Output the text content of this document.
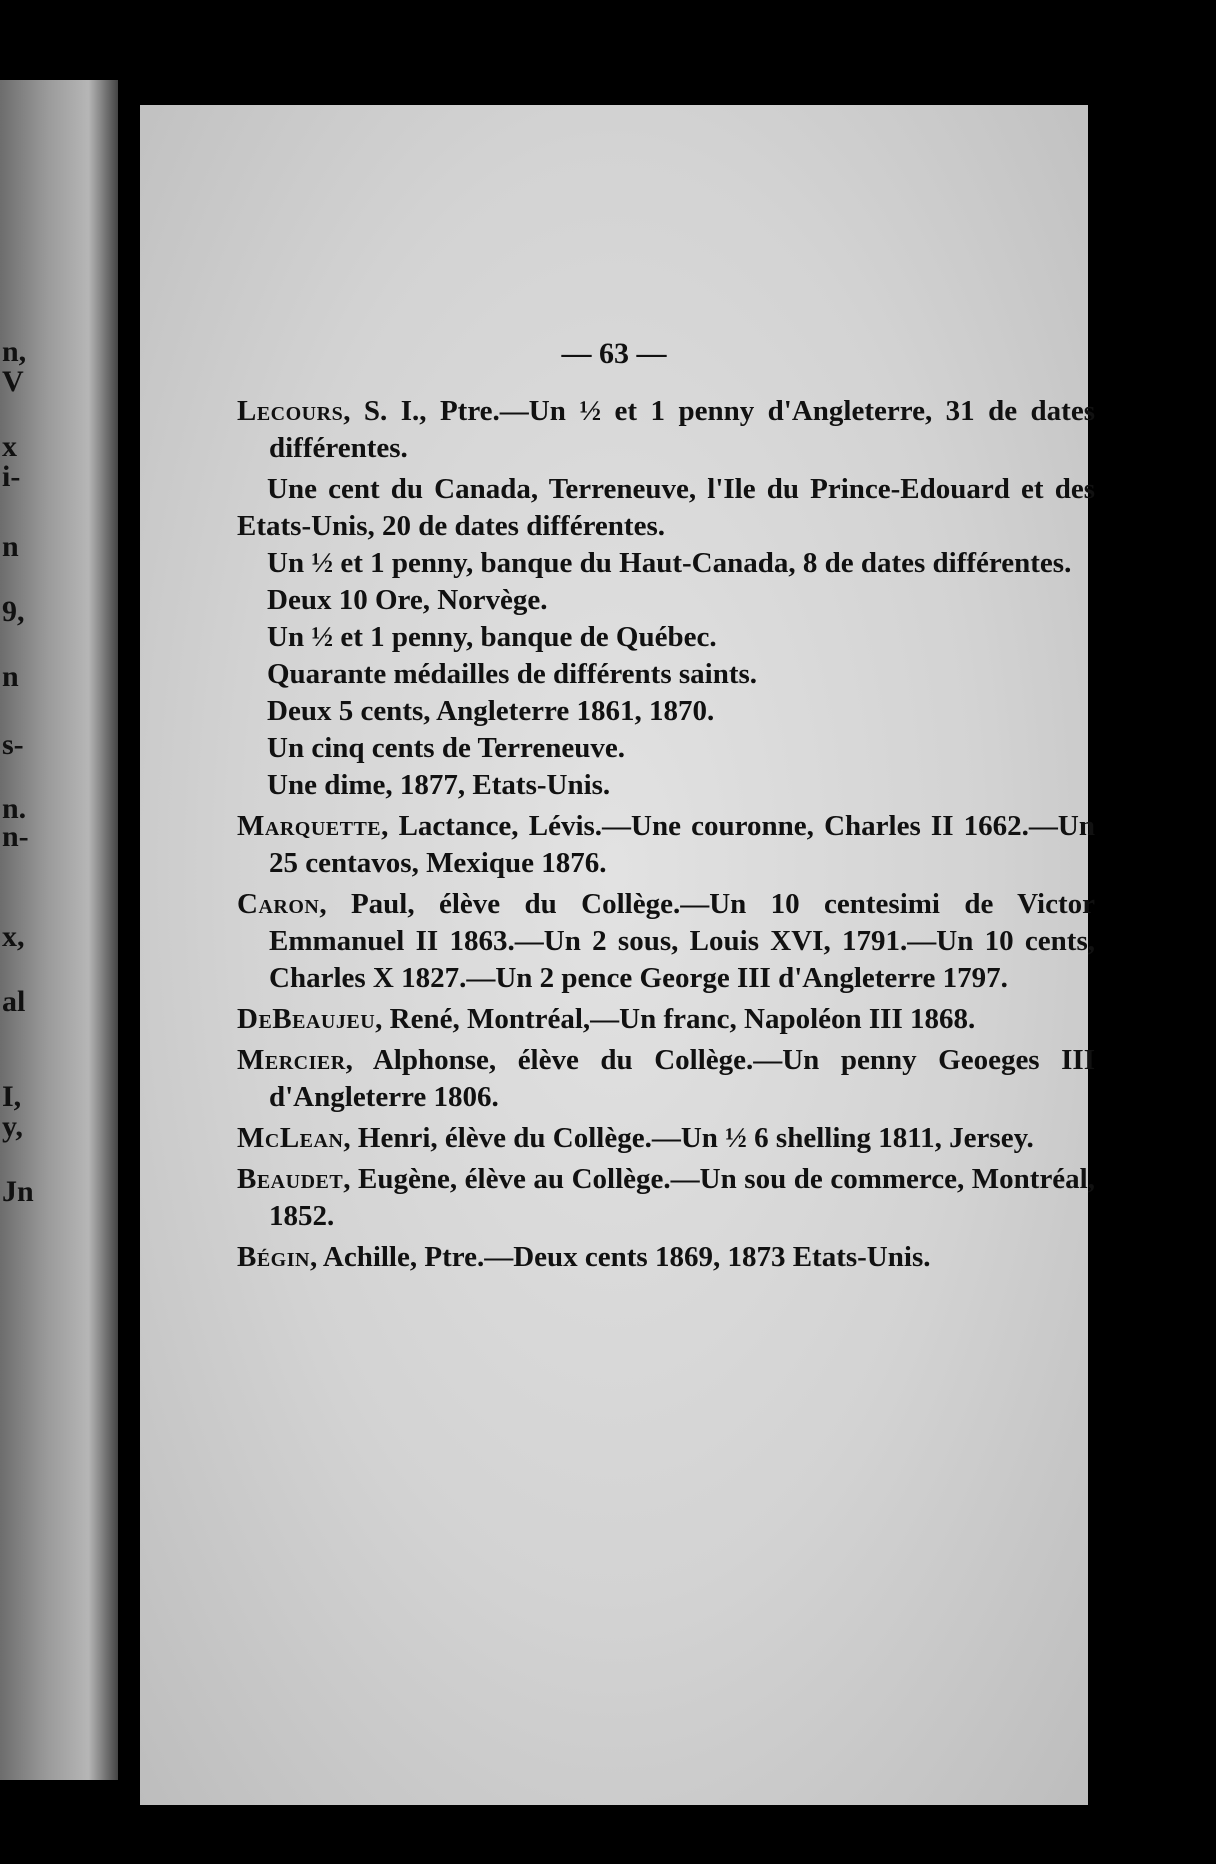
n,
V
x
i-
n
9,
n
s-
n.
n-
x,
al
I,
y,
Jn
— 63 —

Lecours, S. I., Ptre.—Un ½ et 1 penny d'Angleterre, 31 de dates différentes.

Une cent du Canada, Terreneuve, l'Ile du Prince-Edouard et des Etats-Unis, 20 de dates différentes.

Un ½ et 1 penny, banque du Haut-Canada, 8 de dates différentes.

Deux 10 Ore, Norvège.

Un ½ et 1 penny, banque de Québec.

Quarante médailles de différents saints.

Deux 5 cents, Angleterre 1861, 1870.

Un cinq cents de Terreneuve.

Une dime, 1877, Etats-Unis.

Marquette, Lactance, Lévis.—Une couronne, Charles II 1662.—Un 25 centavos, Mexique 1876.

Caron, Paul, élève du Collège.—Un 10 centesimi de Victor Emmanuel II 1863.—Un 2 sous, Louis XVI, 1791.—Un 10 cents, Charles X 1827.—Un 2 pence George III d'Angleterre 1797.

DeBeaujeu, René, Montréal,—Un franc, Napoléon III 1868.

Mercier, Alphonse, élève du Collège.—Un penny Geoeges III d'Angleterre 1806.

McLean, Henri, élève du Collège.—Un ½ 6 shelling 1811, Jersey.

Beaudet, Eugène, élève au Collège.—Un sou de commerce, Montréal, 1852.

Bégin, Achille, Ptre.—Deux cents 1869, 1873 Etats-Unis.
